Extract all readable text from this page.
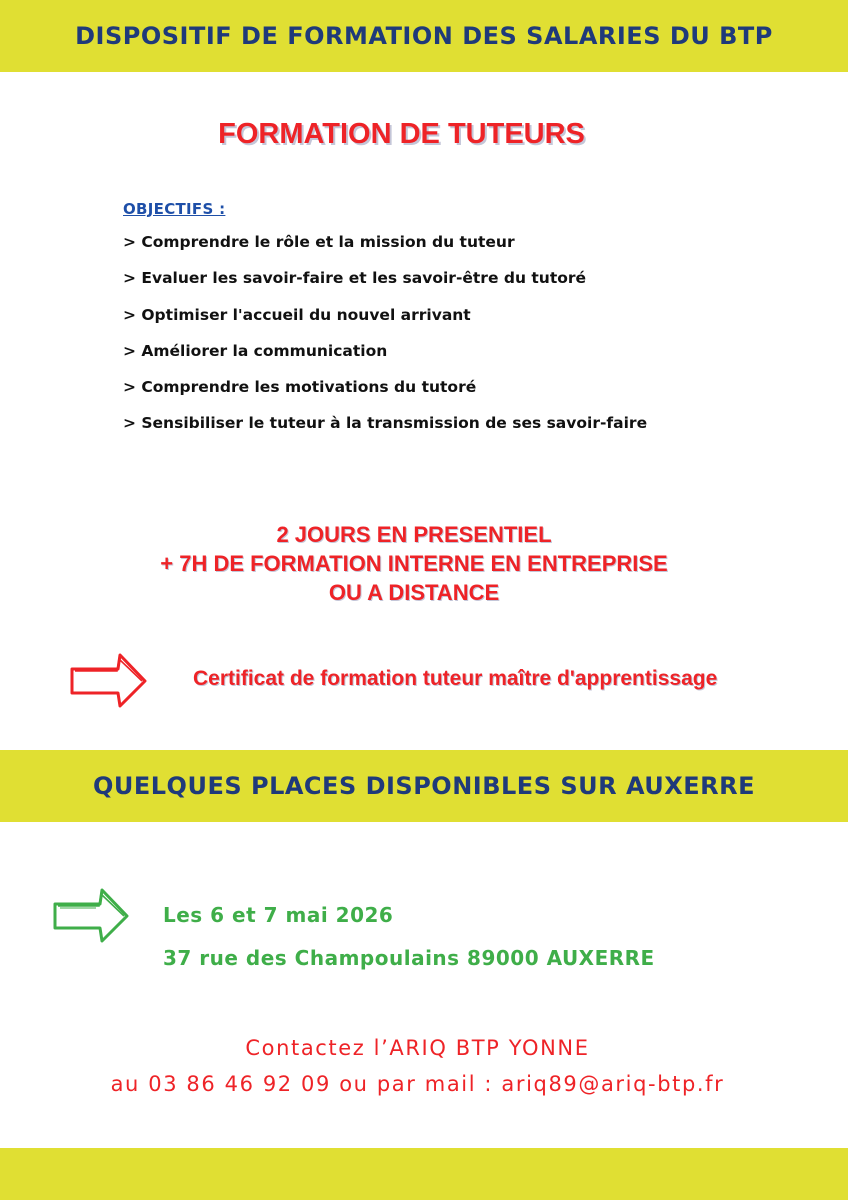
DISPOSITIF DE FORMATION DES SALARIES DU BTP
FORMATION DE TUTEURS
OBJECTIFS :
> Comprendre le rôle et la mission du tuteur
> Evaluer les savoir-faire et les savoir-être du tutoré
> Optimiser l'accueil du nouvel arrivant
> Améliorer la communication
> Comprendre les motivations du tutoré
> Sensibiliser le tuteur à la transmission de ses savoir-faire
2 JOURS EN PRESENTIEL
+ 7H DE FORMATION INTERNE EN ENTREPRISE
OU A DISTANCE
Certificat de formation tuteur maître d'apprentissage
QUELQUES PLACES DISPONIBLES SUR AUXERRE
Les 6 et 7 mai 2026
37 rue des Champoulains 89000 AUXERRE
Contactez l’ARIQ BTP YONNE
au 03 86 46 92 09 ou par mail : ariq89@ariq-btp.fr
